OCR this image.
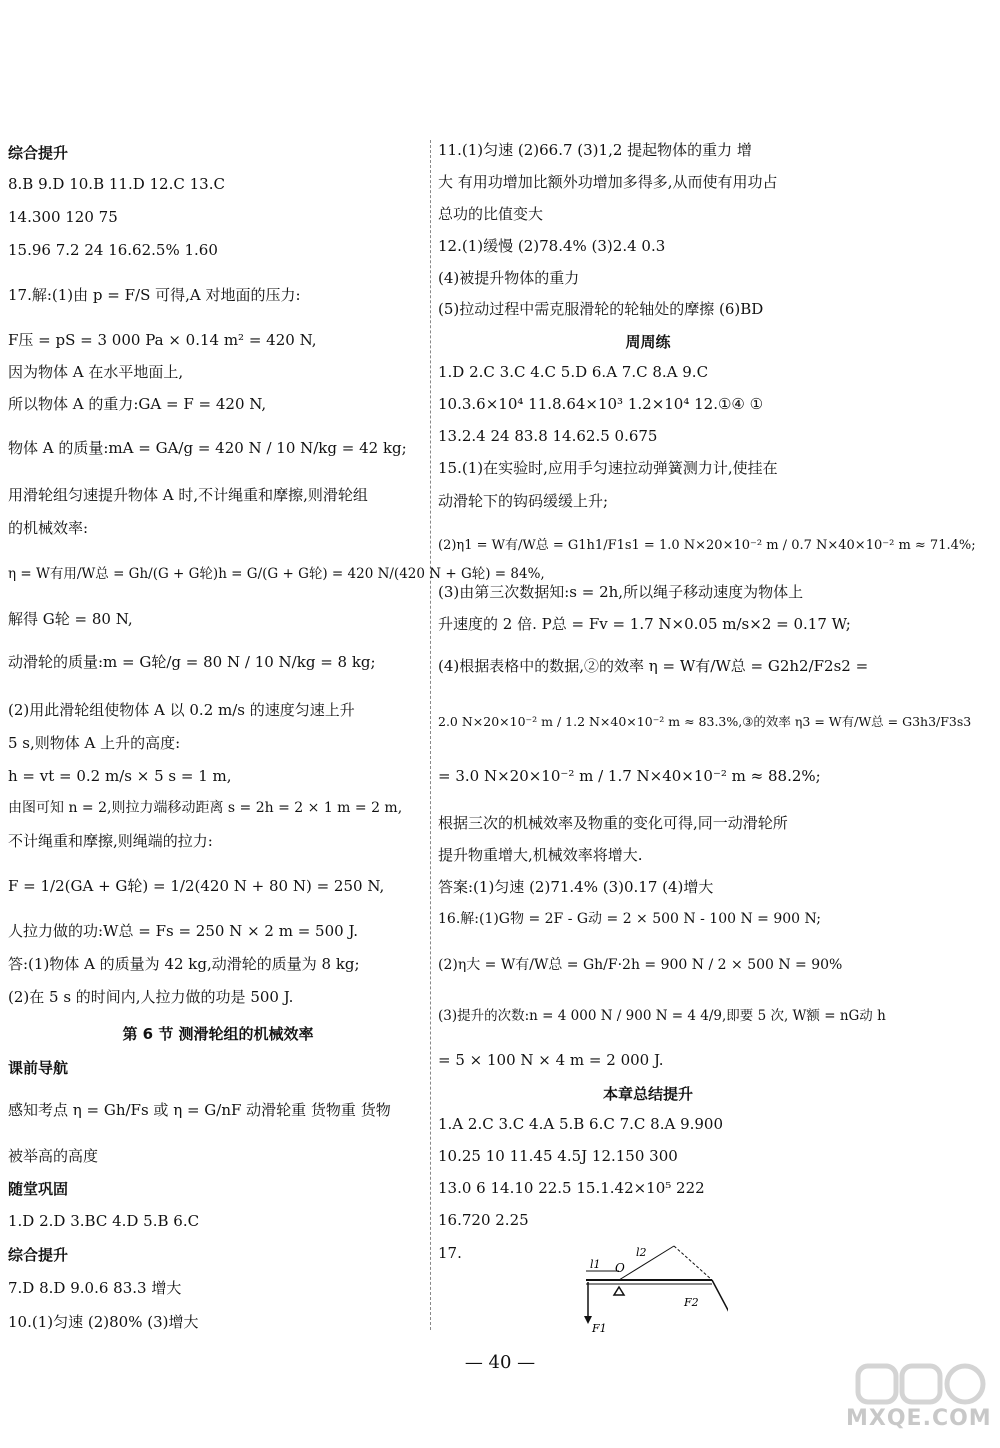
综合提升
8.B 9.D 10.B 11.D 12.C 13.C
14.300 120 75
15.96 7.2 24 16.62.5% 1.60
17.解:(1)由 p = F/S 可得,A 对地面的压力:
F压 = pS = 3 000 Pa × 0.14 m² = 420 N,
因为物体 A 在水平地面上,
所以物体 A 的重力:GA = F = 420 N,
物体 A 的质量:mA = GA/g = 420 N / 10 N/kg = 42 kg;
用滑轮组匀速提升物体 A 时,不计绳重和摩擦,则滑轮组
的机械效率:
η = W有用/W总 = Gh/(G + G轮)h = G/(G + G轮) = 420 N/(420 N + G轮) = 84%,
解得 G轮 = 80 N,
动滑轮的质量:m = G轮/g = 80 N / 10 N/kg = 8 kg;
(2)用此滑轮组使物体 A 以 0.2 m/s 的速度匀速上升
5 s,则物体 A 上升的高度:
h = vt = 0.2 m/s × 5 s = 1 m,
由图可知 n = 2,则拉力端移动距离 s = 2h = 2 × 1 m = 2 m,
不计绳重和摩擦,则绳端的拉力:
F = 1/2(GA + G轮) = 1/2(420 N + 80 N) = 250 N,
人拉力做的功:W总 = Fs = 250 N × 2 m = 500 J.
答:(1)物体 A 的质量为 42 kg,动滑轮的质量为 8 kg;
(2)在 5 s 的时间内,人拉力做的功是 500 J.
第 6 节 测滑轮组的机械效率
课前导航
感知考点 η = Gh/Fs 或 η = G/nF 动滑轮重 货物重 货物
被举高的高度
随堂巩固
1.D 2.D 3.BC 4.D 5.B 6.C
综合提升
7.D 8.D 9.0.6 83.3 增大
10.(1)匀速 (2)80% (3)增大
11.(1)匀速 (2)66.7 (3)1,2 提起物体的重力 增
大 有用功增加比额外功增加多得多,从而使有用功占
总功的比值变大
12.(1)缓慢 (2)78.4% (3)2.4 0.3
(4)被提升物体的重力
(5)拉动过程中需克服滑轮的轮轴处的摩擦 (6)BD
周周练
1.D 2.C 3.C 4.C 5.D 6.A 7.C 8.A 9.C
10.3.6×10⁴ 11.8.64×10³ 1.2×10⁴ 12.①④ ①
13.2.4 24 83.8 14.62.5 0.675
15.(1)在实验时,应用手匀速拉动弹簧测力计,使挂在
动滑轮下的钩码缓缓上升;
(2)η1 = W有/W总 = G1h1/F1s1 = 1.0 N×20×10⁻² m / 0.7 N×40×10⁻² m ≈ 71.4%;
(3)由第三次数据知:s = 2h,所以绳子移动速度为物体上
升速度的 2 倍. P总 = Fv = 1.7 N×0.05 m/s×2 = 0.17 W;
(4)根据表格中的数据,②的效率 η = W有/W总 = G2h2/F2s2 =
2.0 N×20×10⁻² m / 1.2 N×40×10⁻² m ≈ 83.3%,③的效率 η3 = W有/W总 = G3h3/F3s3
= 3.0 N×20×10⁻² m / 1.7 N×40×10⁻² m ≈ 88.2%;
根据三次的机械效率及物重的变化可得,同一动滑轮所
提升物重增大,机械效率将增大.
答案:(1)匀速 (2)71.4% (3)0.17 (4)增大
16.解:(1)G物 = 2F - G动 = 2 × 500 N - 100 N = 900 N;
(2)η大 = W有/W总 = Gh/F·2h = 900 N / 2 × 500 N = 90%
(3)提升的次数:n = 4 000 N / 900 N = 4 4/9,即要 5 次, W额 = nG动 h
= 5 × 100 N × 4 m = 2 000 J.
本章总结提升
1.A 2.C 3.C 4.A 5.B 6.C 7.C 8.A 9.900
10.25 10 11.45 4.5J 12.150 300
13.0 6 14.10 22.5 15.1.42×10⁵ 222
16.720 2.25
17.
l1 O
l2
F2
F1
— 40 —
MXQE.COM
